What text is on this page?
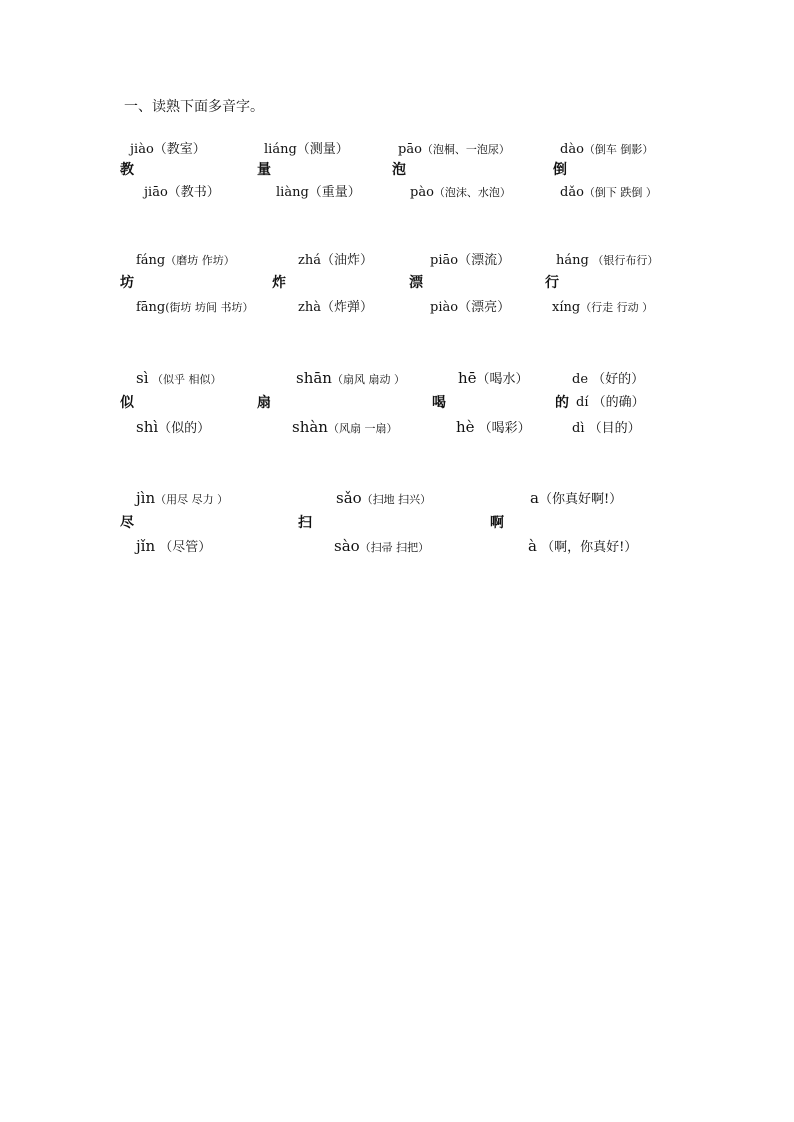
一、读熟下面多音字。
jiào（教室）	liáng（测量）	pāo（泡桐、一泡尿）	dào（倒车 倒影）
教	量	泡	倒
jiāo（教书）	liàng（重量）	pào（泡沫、水泡）	dǎo（倒下 跌倒 ）
fáng（磨坊 作坊）	zhá（油炸）	piāo（漂流）	háng （银行布行）
坊	炸	漂	行
fāng(街坊 坊间 书坊）	zhà（炸弹）	piào（漂亮）	xíng（行走 行动 ）
sì （似乎 相似）	shān（扇风 扇动 ）	hē（喝水）	de （好的）
似	扇	喝	的 dí （的确）
shì（似的）	shàn（风扇 一扇）	hè （喝彩）	dì （目的）
jìn（用尽 尽力 ）	sǎo（扫地 扫兴）	a（你真好啊!）
尽	扫	啊
jǐn （尽管）	sào（扫帚 扫把）	à （啊，你真好!）
